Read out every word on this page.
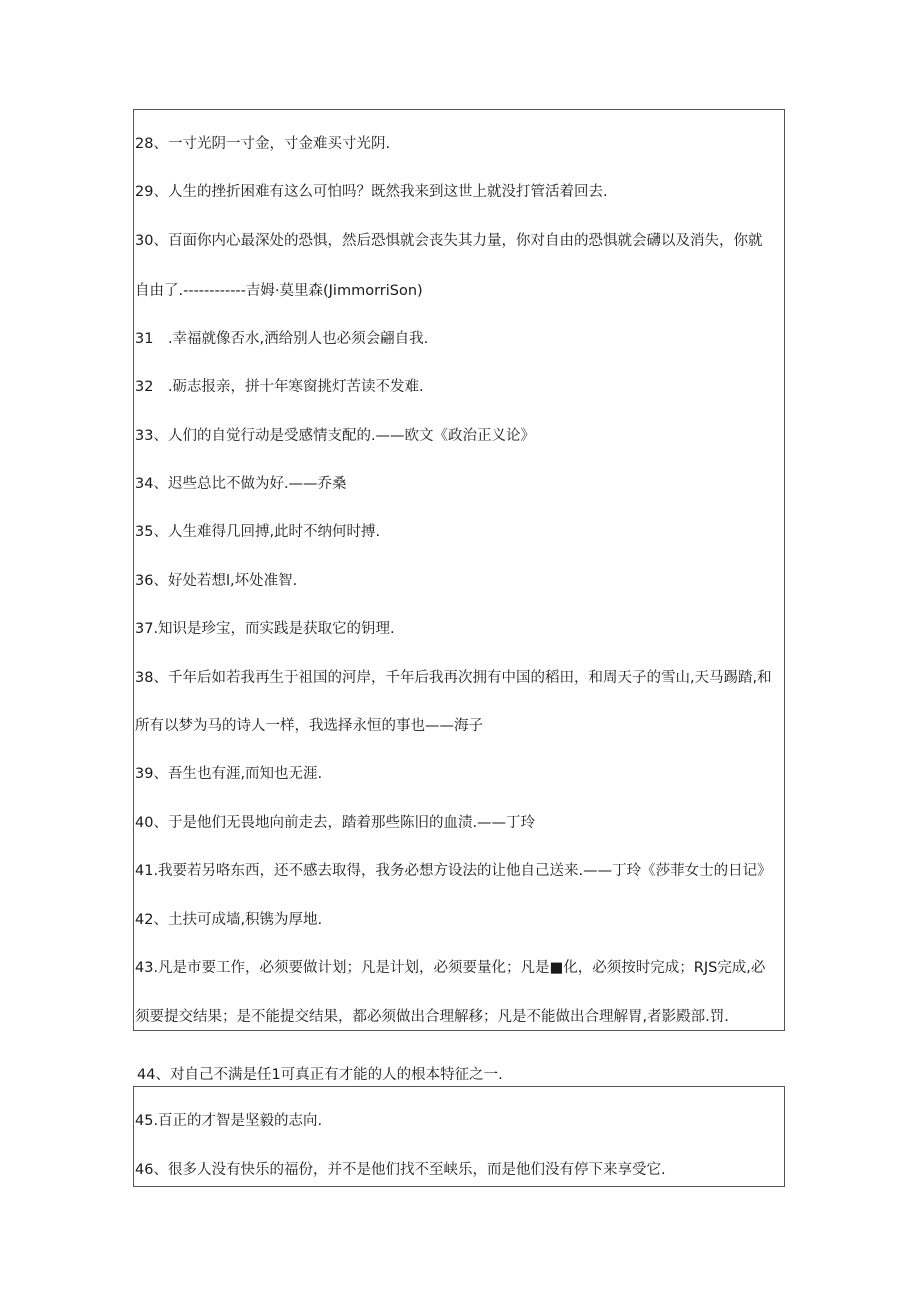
28、一寸光阴一寸金，寸金难买寸光阴.
29、人生的挫折困难有这么可怕吗？既然我来到这世上就没打管活着回去.
30、百面你内心最深处的恐惧，然后恐惧就会丧失其力量，你对自由的恐惧就会礴以及消失，你就
自由了.------------吉姆·莫里森(JimmorriSon)
31　.幸福就像否水,洒给别人也必须会翩自我.
32　.砺志报亲，拼十年寒窗挑灯苦读不发难.
33、人们的自觉行动是受感情支配的.——欧文《政治正义论》
34、迟些总比不做为好.——乔桑
35、人生难得几回搏,此时不纳何时搏.
36、好处若想l,坏处准智.
37.知识是珍宝，而实践是获取它的钥理.
38、千年后如若我再生于祖国的河岸，千年后我再次拥有中国的稻田，和周天子的雪山,天马踢踏,和
所有以梦为马的诗人一样，我选择永恒的事也——海子
39、吾生也有涯,而知也无涯.
40、于是他们无畏地向前走去，踏着那些陈旧的血渍.——丁玲
41.我要若另咯东西，还不感去取得，我务必想方设法的让他自己送来.——丁玲《莎菲女士的日记》
42、土扶可成墙,积镌为厚地.
43.凡是市要工作，必须要做计划；凡是计划，必须要量化；凡是■化，必须按时完成；RJS完成,必
须要提交结果；是不能提交结果，都必须做出合理解移；凡是不能做出合理解胃,者影殿部.罚.
44、对自己不满是任1可真正有才能的人的根本特征之一.
45.百正的才智是坚毅的志向.
46、很多人没有快乐的福份，并不是他们找不至峡乐，而是他们没有停下来享受它.
